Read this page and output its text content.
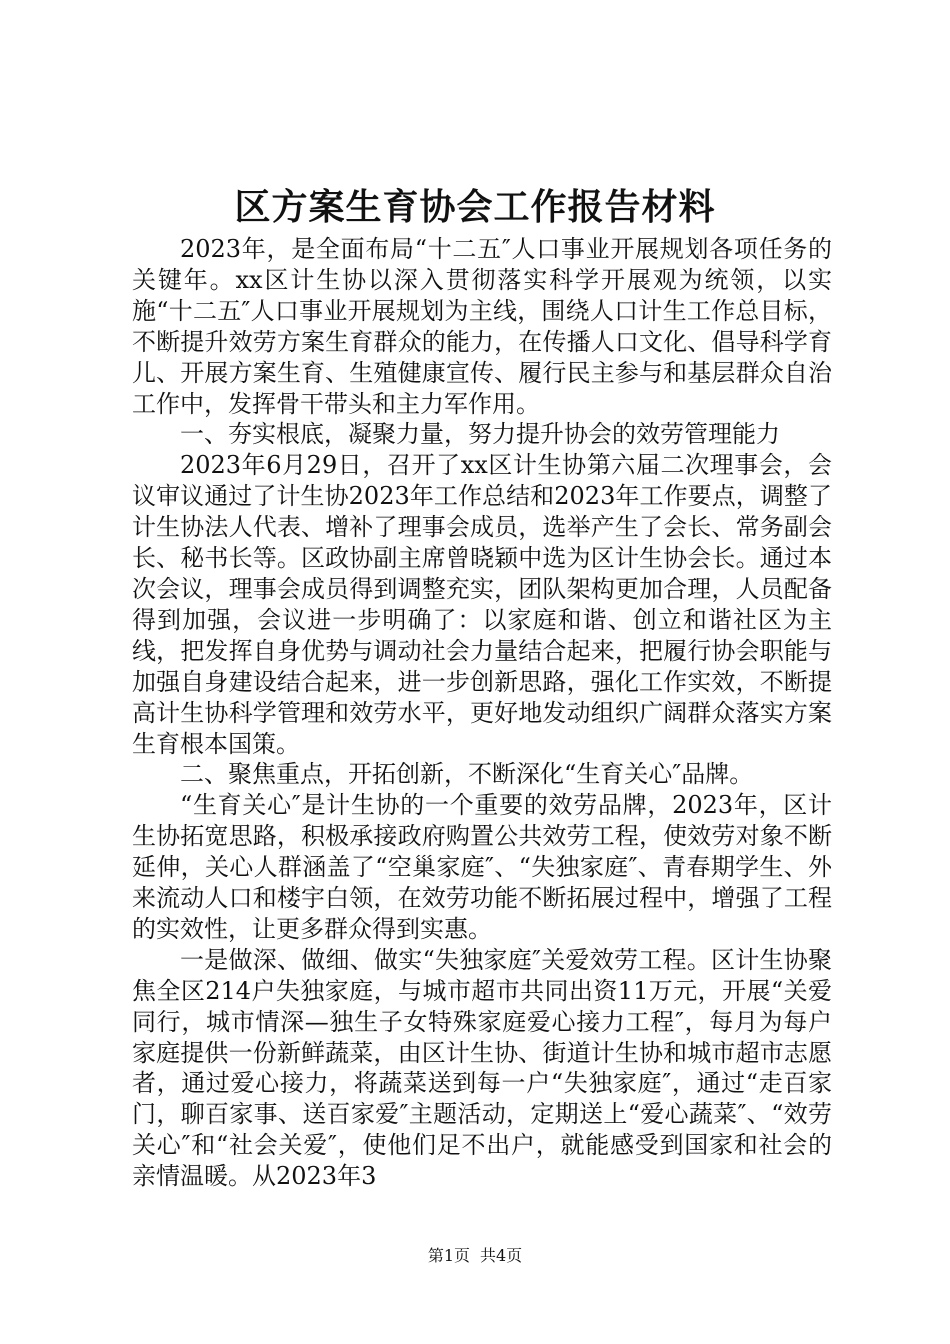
区方案生育协会工作报告材料

2023年，是全面布局“十二五″人口事业开展规划各项任务的关键年。xx区计生协以深入贯彻落实科学开展观为统领，以实施“十二五″人口事业开展规划为主线，围绕人口计生工作总目标，不断提升效劳方案生育群众的能力，在传播人口文化、倡导科学育儿、开展方案生育、生殖健康宣传、履行民主参与和基层群众自治工作中，发挥骨干带头和主力军作用。

一、夯实根底，凝聚力量，努力提升协会的效劳管理能力

2023年6月29日，召开了xx区计生协第六届二次理事会，会议审议通过了计生协2023年工作总结和2023年工作要点，调整了计生协法人代表、增补了理事会成员，选举产生了会长、常务副会长、秘书长等。区政协副主席曾晓颖中选为区计生协会长。通过本次会议，理事会成员得到调整充实，团队架构更加合理，人员配备得到加强，会议进一步明确了：以家庭和谐、创立和谐社区为主线，把发挥自身优势与调动社会力量结合起来，把履行协会职能与加强自身建设结合起来，进一步创新思路，强化工作实效，不断提高计生协科学管理和效劳水平，更好地发动组织广阔群众落实方案生育根本国策。

二、聚焦重点，开拓创新，不断深化“生育关心″品牌。

“生育关心″是计生协的一个重要的效劳品牌，2023年，区计生协拓宽思路，积极承接政府购置公共效劳工程，使效劳对象不断延伸，关心人群涵盖了“空巢家庭″、“失独家庭″、青春期学生、外来流动人口和楼宇白领，在效劳功能不断拓展过程中，增强了工程的实效性，让更多群众得到实惠。

一是做深、做细、做实“失独家庭″关爱效劳工程。区计生协聚焦全区214户失独家庭，与城市超市共同出资11万元，开展“关爱同行，城市情深—独生子女特殊家庭爱心接力工程″，每月为每户家庭提供一份新鲜蔬菜，由区计生协、街道计生协和城市超市志愿者，通过爱心接力，将蔬菜送到每一户“失独家庭″，通过“走百家门，聊百家事、送百家爱″主题活动，定期送上“爱心蔬菜″、“效劳关心″和“社会关爱″，使他们足不出户，就能感受到国家和社会的亲情温暖。从2023年3

第1页 共4页
